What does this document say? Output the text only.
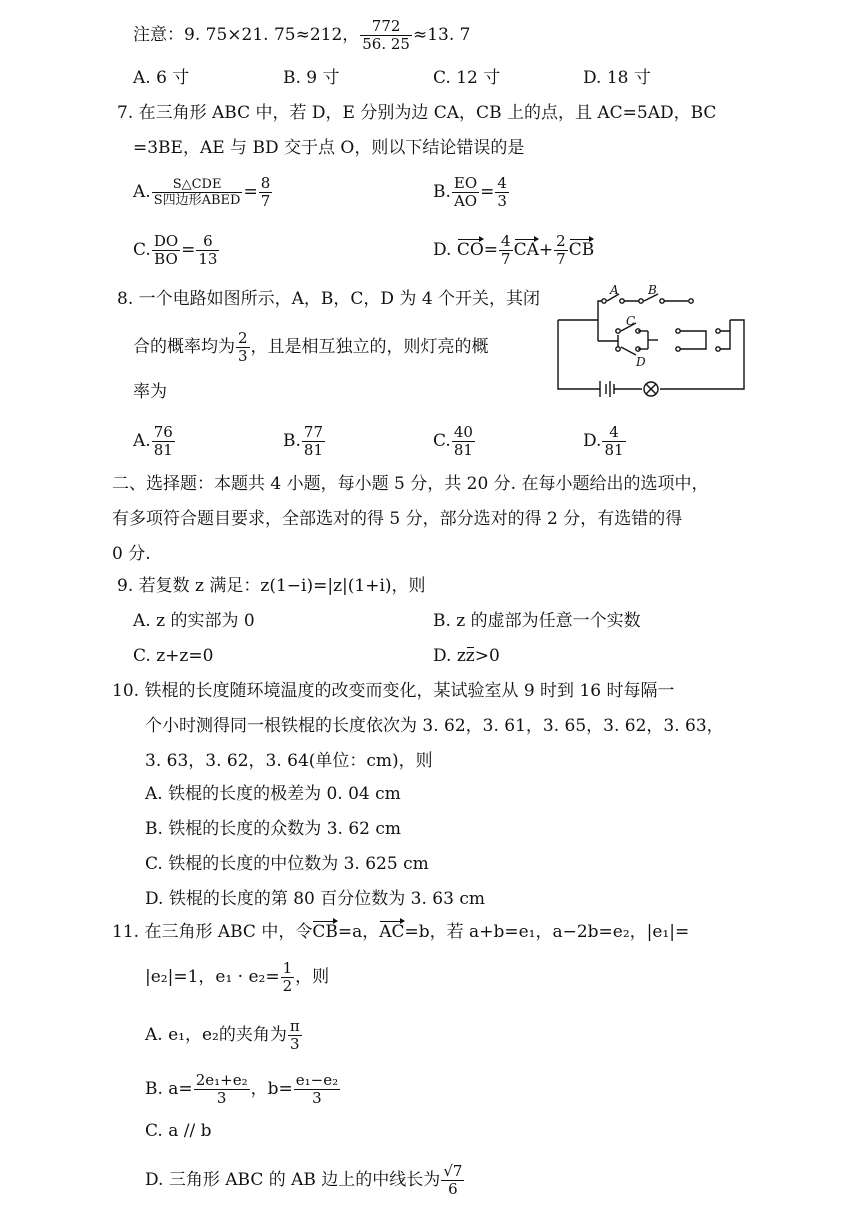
注意：9. 75×21. 75≈212， $\frac{772}{56. 25} \approx 13$. 7
A. 6 寸	B. 9 寸	C. 12 寸	D. 18 寸
7. 在三角形 ABC 中，若 D，E 分别为边 CA，CB 上的点，且 AC=5AD，BC
=3BE，AE 与 BD 交于点 O，则以下结论错误的是
A. $\frac{\text{S△CDE}}{\text{S四边形ABED}} = \frac{8}{7}$	B. $\frac{EO}{AO} = \frac{4}{3}$
C. $\frac{DO}{BO} = \frac{6}{13}$	D. $CO= \frac{4}{7} CA+ \frac{2}{7}$ CB
8. 一个电路如图所示，A，B，C，D 为 4 个开关，其闭
合的概率均为 $\frac{2}{3}$ ，且是相互独立的，则灯亮的概
率为
A B
C
D
A. $\frac{76}{81}$	B. $\frac{77}{81}$	C. $\frac{40}{81}$	D. $\frac{4}{81}$
二、选择题：本题共 4 小题，每小题 5 分，共 20 分. 在每小题给出的选项中，
有多项符合题目要求，全部选对的得 5 分，部分选对的得 2 分，有选错的得
0 分.
9. 若复数 z 满足：z(1−i)=|z|(1+i)，则
A. z 的实部为 0	B. z 的虚部为任意一个实数
C. z+z=0	D. zz>0
10. 铁棍的长度随环境温度的改变而变化，某试验室从 9 时到 16 时每隔一
个小时测得同一根铁棍的长度依次为 3. 62，3. 61，3. 65，3. 62，3. 63，
3. 63，3. 62，3. 64(单位：cm)，则
A. 铁棍的长度的极差为 0. 04 cm
B. 铁棍的长度的众数为 3. 62 cm
C. 铁棍的长度的中位数为 3. 625 cm
D. 铁棍的长度的第 80 百分位数为 3. 63 cm
11. 在三角形 ABC 中，令CB=a，AC=b，若 a+b=e₁，a−2b=e₂，|e₁|=
|e₂|=1，$e_1 \cdot e_2= \frac{1}{2}$ ，则
A. e₁，e₂的夹角为 $\frac{\pi}{3}$
B. $a= \frac{\text{2e₁+e₂}}{3}$ ，$b= \frac{\text{e₁−e₂}}{3}$
C. a // b
D. 三角形 ABC 的 AB 边上的中线长为 $\frac{√7}{6}$
